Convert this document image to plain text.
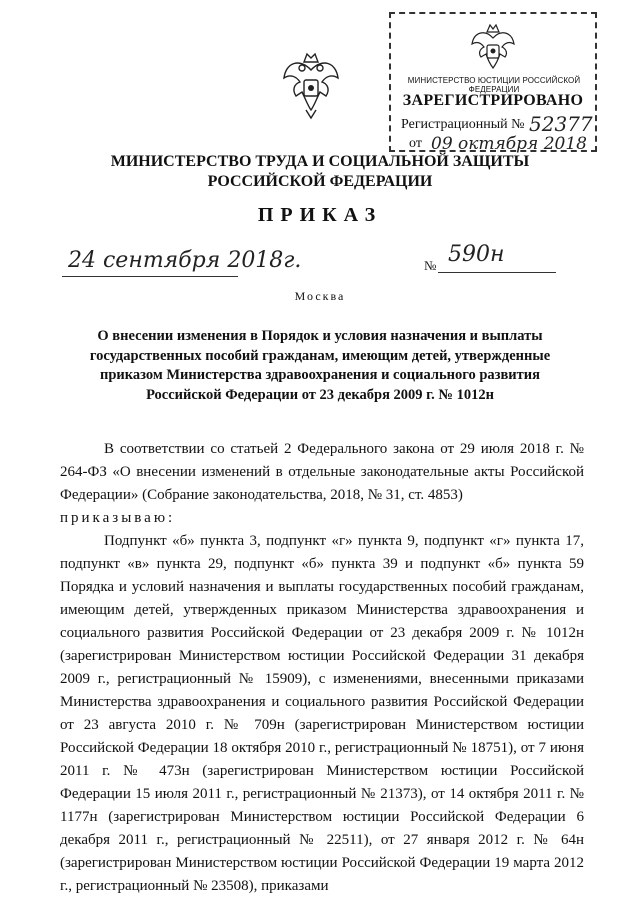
МИНИСТЕРСТВО ЮСТИЦИИ РОССИЙСКОЙ ФЕДЕРАЦИИ
ЗАРЕГИСТРИРОВАНО
Регистрационный № 52377
от 09 октября 2018
МИНИСТЕРСТВО ТРУДА И СОЦИАЛЬНОЙ ЗАЩИТЫ
РОССИЙСКОЙ ФЕДЕРАЦИИ
ПРИКАЗ
24 сентября 2018г.	№ 590н
Москва
О внесении изменения в Порядок и условия назначения и выплаты государственных пособий гражданам, имеющим детей, утвержденные приказом Министерства здравоохранения и социального развития Российской Федерации от 23 декабря 2009 г. № 1012н

В соответствии со статьей 2 Федерального закона от 29 июля 2018 г. № 264-ФЗ «О внесении изменений в отдельные законодательные акты Российской Федерации» (Собрание законодательства, 2018, № 31, ст. 4853)

приказываю:

Подпункт «б» пункта 3, подпункт «г» пункта 9, подпункт «г» пункта 17, подпункт «в» пункта 29, подпункт «б» пункта 39 и подпункт «б» пункта 59 Порядка и условий назначения и выплаты государственных пособий гражданам, имеющим детей, утвержденных приказом Министерства здравоохранения и социального развития Российской Федерации от 23 декабря 2009 г. № 1012н (зарегистрирован Министерством юстиции Российской Федерации 31 декабря 2009 г., регистрационный № 15909), с изменениями, внесенными приказами Министерства здравоохранения и социального развития Российской Федерации от 23 августа 2010 г. № 709н (зарегистрирован Министерством юстиции Российской Федерации 18 октября 2010 г., регистрационный № 18751), от 7 июня 2011 г. № 473н (зарегистрирован Министерством юстиции Российской Федерации 15 июля 2011 г., регистрационный № 21373), от 14 октября 2011 г. № 1177н (зарегистрирован Министерством юстиции Российской Федерации 6 декабря 2011 г., регистрационный № 22511), от 27 января 2012 г. № 64н (зарегистрирован Министерством юстиции Российской Федерации 19 марта 2012 г., регистрационный № 23508), приказами
